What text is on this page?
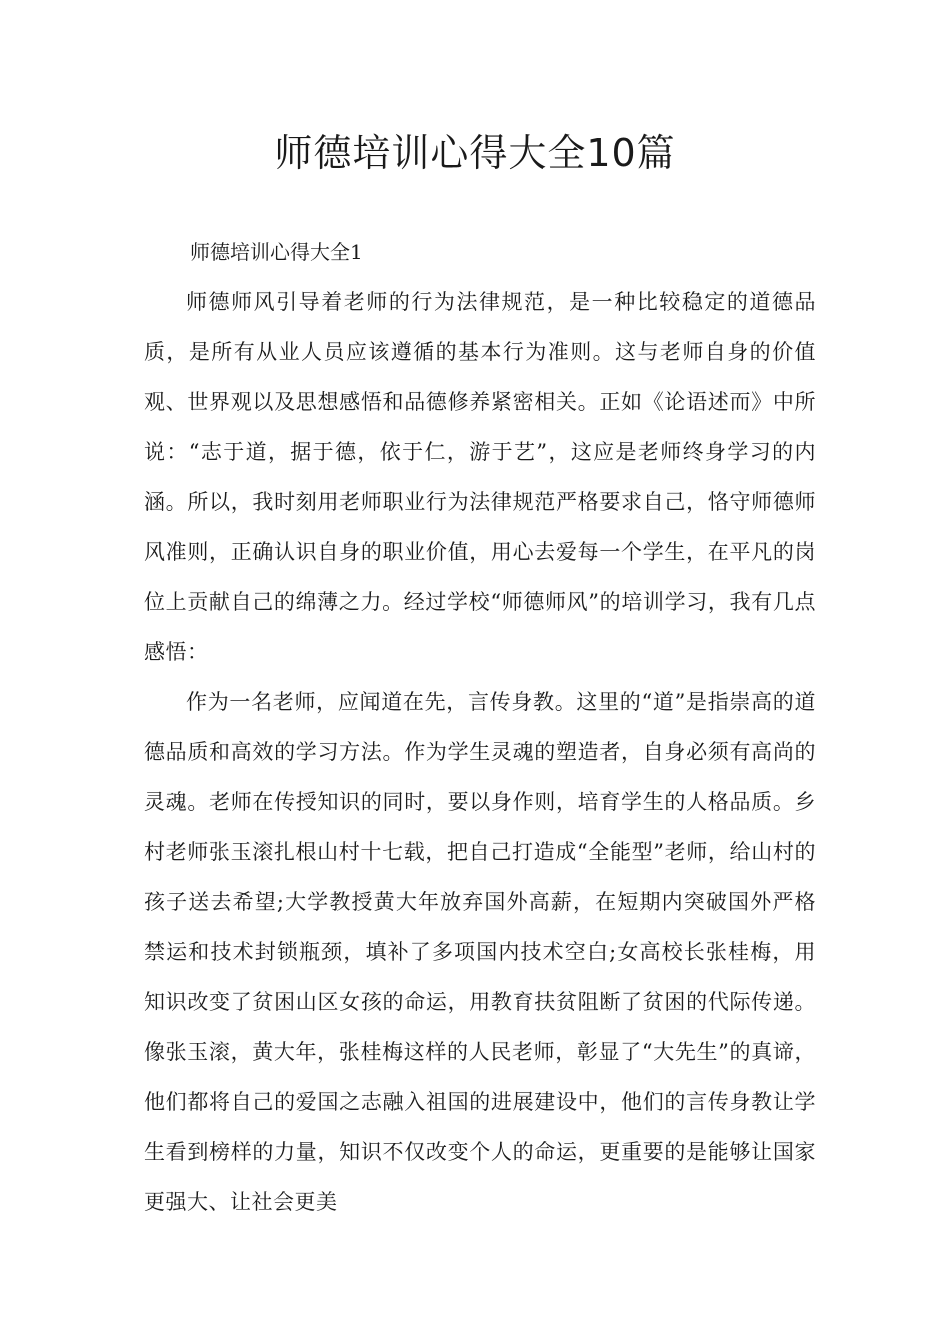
师德培训心得大全10篇

师德培训心得大全1

师德师风引导着老师的行为法律规范，是一种比较稳定的道德品质，是所有从业人员应该遵循的基本行为准则。这与老师自身的价值观、世界观以及思想感悟和品德修养紧密相关。正如《论语述而》中所说：“志于道，据于德，依于仁，游于艺”，这应是老师终身学习的内涵。所以，我时刻用老师职业行为法律规范严格要求自己，恪守师德师风准则，正确认识自身的职业价值，用心去爱每一个学生，在平凡的岗位上贡献自己的绵薄之力。经过学校“师德师风”的培训学习，我有几点感悟：

作为一名老师，应闻道在先，言传身教。这里的“道”是指崇高的道德品质和高效的学习方法。作为学生灵魂的塑造者，自身必须有高尚的灵魂。老师在传授知识的同时，要以身作则，培育学生的人格品质。乡村老师张玉滚扎根山村十七载，把自己打造成“全能型”老师，给山村的孩子送去希望;大学教授黄大年放弃国外高薪，在短期内突破国外严格禁运和技术封锁瓶颈，填补了多项国内技术空白;女高校长张桂梅，用知识改变了贫困山区女孩的命运，用教育扶贫阻断了贫困的代际传递。像张玉滚，黄大年，张桂梅这样的人民老师，彰显了“大先生”的真谛，他们都将自己的爱国之志融入祖国的进展建设中，他们的言传身教让学生看到榜样的力量，知识不仅改变个人的命运，更重要的是能够让国家更强大、让社会更美
